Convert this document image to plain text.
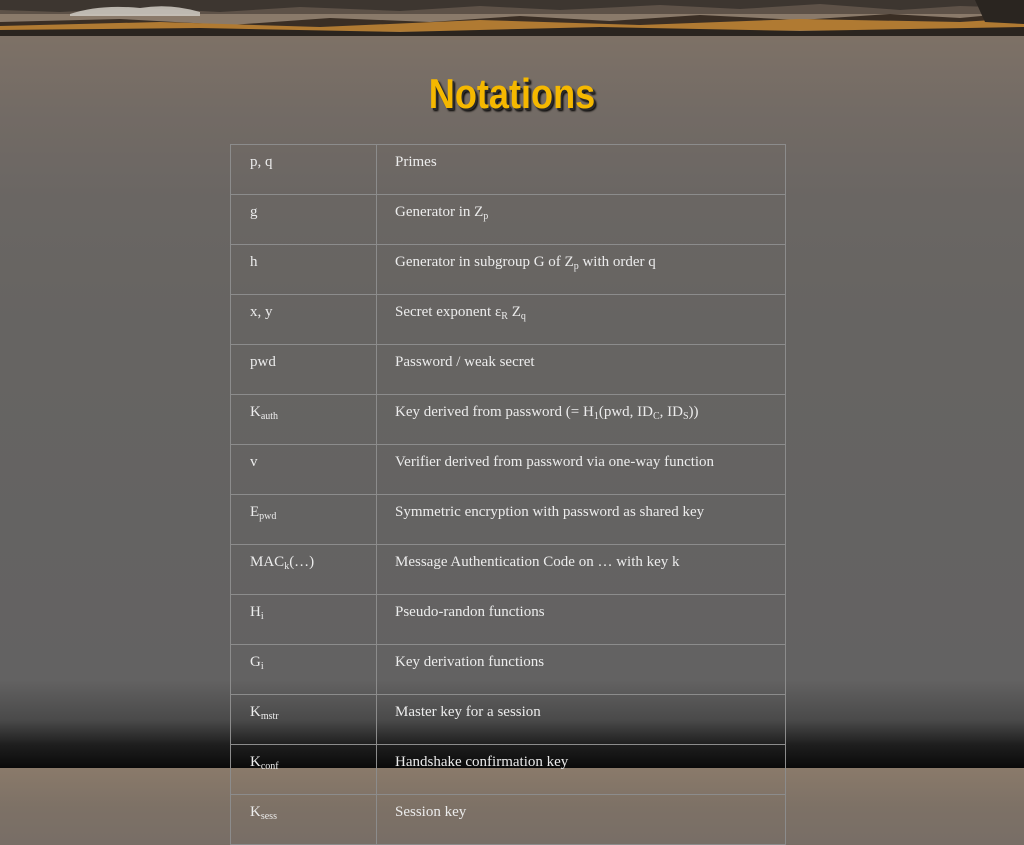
Notations
p, q	Primes
g	Generator in $Z_p$
h	Generator in subgroup G of $Z_p$ with order q
x, y	Secret exponent $\varepsilon_R$ $Z_q$
pwd	Password / weak secret
$K_{auth}$	Key derived from password (= $H_1(pwd$, $ID_C$, $ID_S$))
v	Verifier derived from password via one-way function
$E_{pwd}$	Symmetric encryption with password as shared key
$MAC_k(\dots)$	Message Authentication Code on … with key k
$H_i$	Pseudo-randon functions
$G_i$	Key derivation functions
$K_{mstr}$	Master key for a session
$K_{conf}$	Handshake confirmation key
$K_{sess}$	Session key
